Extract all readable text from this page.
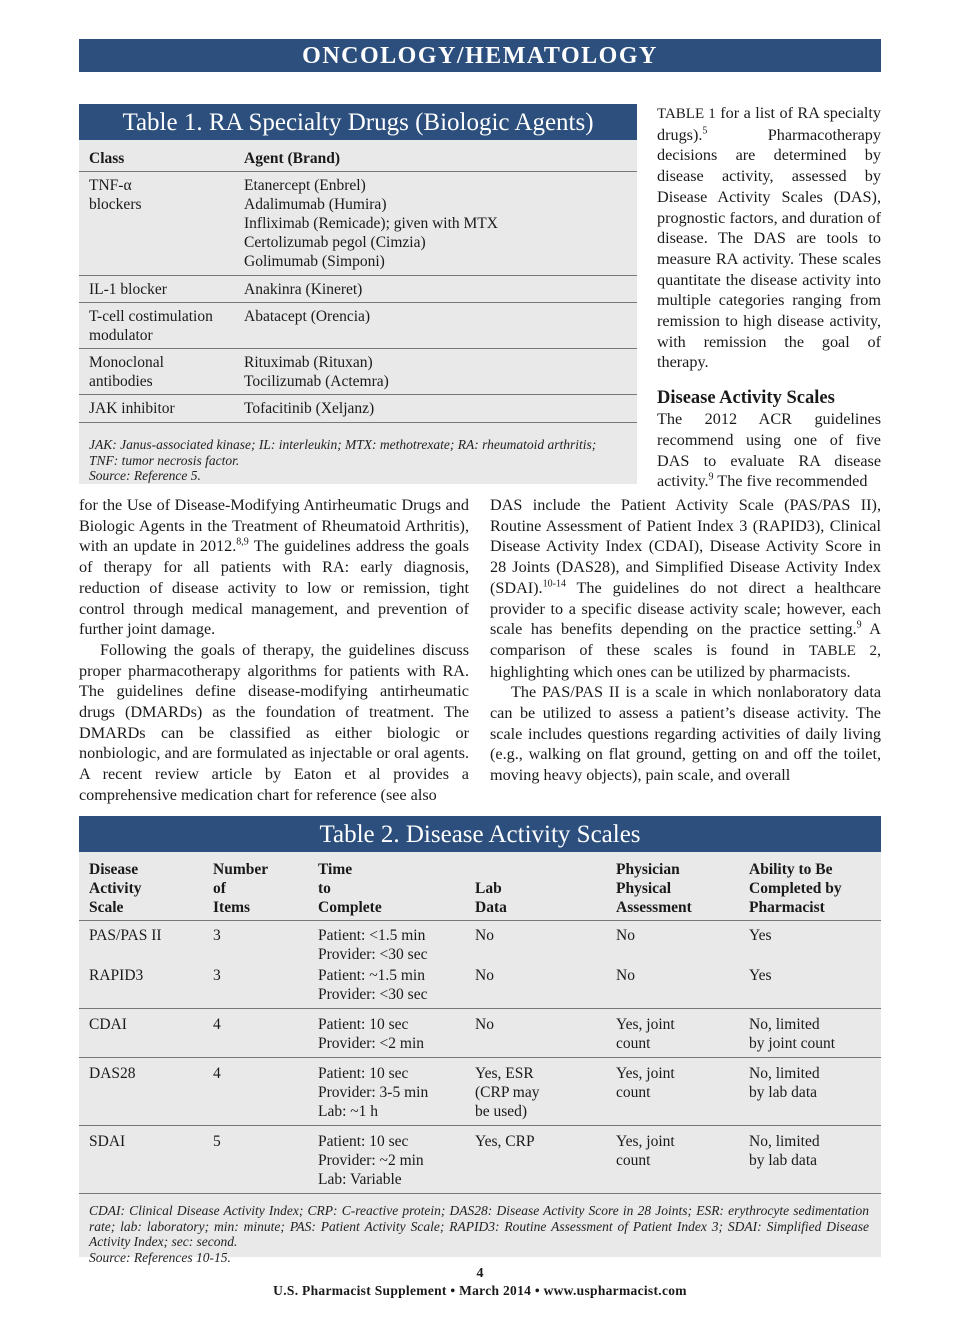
ONCOLOGY/HEMATOLOGY
Table 1. RA Specialty Drugs (Biologic Agents)
Class	Agent (Brand)

TNF-α
blockers	Etanercept (Enbrel)
Adalimumab (Humira)
Infliximab (Remicade); given with MTX
Certolizumab pegol (Cimzia)
Golimumab (Simponi)

IL-1 blocker	Anakinra (Kineret)

T-cell costimulation
modulator	Abatacept (Orencia)

Monoclonal
antibodies	Rituximab (Rituxan)
Tocilizumab (Actemra)

JAK inhibitor	Tofacitinib (Xeljanz)
JAK: Janus-associated kinase; IL: interleukin; MTX: methotrexate; RA: rheumatoid arthritis; TNF: tumor necrosis factor.
Source: Reference 5.

TABLE 1 for a list of RA specialty drugs).$^5$ Pharmacotherapy decisions are determined by disease activity, assessed by Disease Activity Scales (DAS), prognostic factors, and duration of disease. The DAS are tools to measure RA activity. These scales quantitate the disease activity into multiple categories ranging from remission to high disease activity, with remission the goal of therapy.

Disease Activity Scales

The 2012 ACR guidelines recommend using one of five DAS to evaluate RA disease activity.$^9$ The five recommended

for the Use of Disease-Modifying Antirheumatic Drugs and Biologic Agents in the Treatment of Rheumatoid Arthritis), with an update in 2012.$^{8,9}$ The guidelines address the goals of therapy for all patients with RA: early diagnosis, reduction of disease activity to low or remission, tight control through medical management, and prevention of further joint damage.

Following the goals of therapy, the guidelines discuss proper pharmacotherapy algorithms for patients with RA. The guidelines define disease-modifying antirheumatic drugs (DMARDs) as the foundation of treatment. The DMARDs can be classified as either biologic or nonbiologic, and are formulated as injectable or oral agents. A recent review article by Eaton et al provides a comprehensive medication chart for reference (see also

DAS include the Patient Activity Scale (PAS/PAS II), Routine Assessment of Patient Index 3 (RAPID3), Clinical Disease Activity Index (CDAI), Disease Activity Score in 28 Joints (DAS28), and Simplified Disease Activity Index (SDAI).$^{10-14}$ The guidelines do not direct a healthcare provider to a specific disease activity scale; however, each scale has benefits depending on the practice setting.$^9$ A comparison of these scales is found in TABLE 2, highlighting which ones can be utilized by pharmacists.

The PAS/PAS II is a scale in which nonlaboratory data can be utilized to assess a patient’s disease activity. The scale includes questions regarding activities of daily living (e.g., walking on flat ground, getting on and off the toilet, moving heavy objects), pain scale, and overall

Table 2. Disease Activity Scales
Disease
Activity
Scale	Number
of
Items	Time
to
Complete	Lab
Data	Physician
Physical
Assessment	Ability to Be
Completed by
Pharmacist

PAS/PAS II	3	Patient: <1.5 min
Provider: <30 sec	No	No	Yes

RAPID3	3	Patient: ~1.5 min
Provider: <30 sec	No	No	Yes

CDAI	4	Patient: 10 sec
Provider: <2 min	No	Yes, joint
count	No, limited
by joint count

DAS28	4	Patient: 10 sec
Provider: 3-5 min
Lab: ~1 h	Yes, ESR
(CRP may
be used)	Yes, joint
count	No, limited
by lab data

SDAI	5	Patient: 10 sec
Provider: ~2 min
Lab: Variable	Yes, CRP	Yes, joint
count	No, limited
by lab data
CDAI: Clinical Disease Activity Index; CRP: C-reactive protein; DAS28: Disease Activity Score in 28 Joints; ESR: erythrocyte sedimentation rate; lab: laboratory; min: minute; PAS: Patient Activity Scale; RAPID3: Routine Assessment of Patient Index 3; SDAI: Simplified Disease Activity Index; sec: second.
Source: References 10-15.
4
U.S. Pharmacist Supplement • March 2014 • www.uspharmacist.com
